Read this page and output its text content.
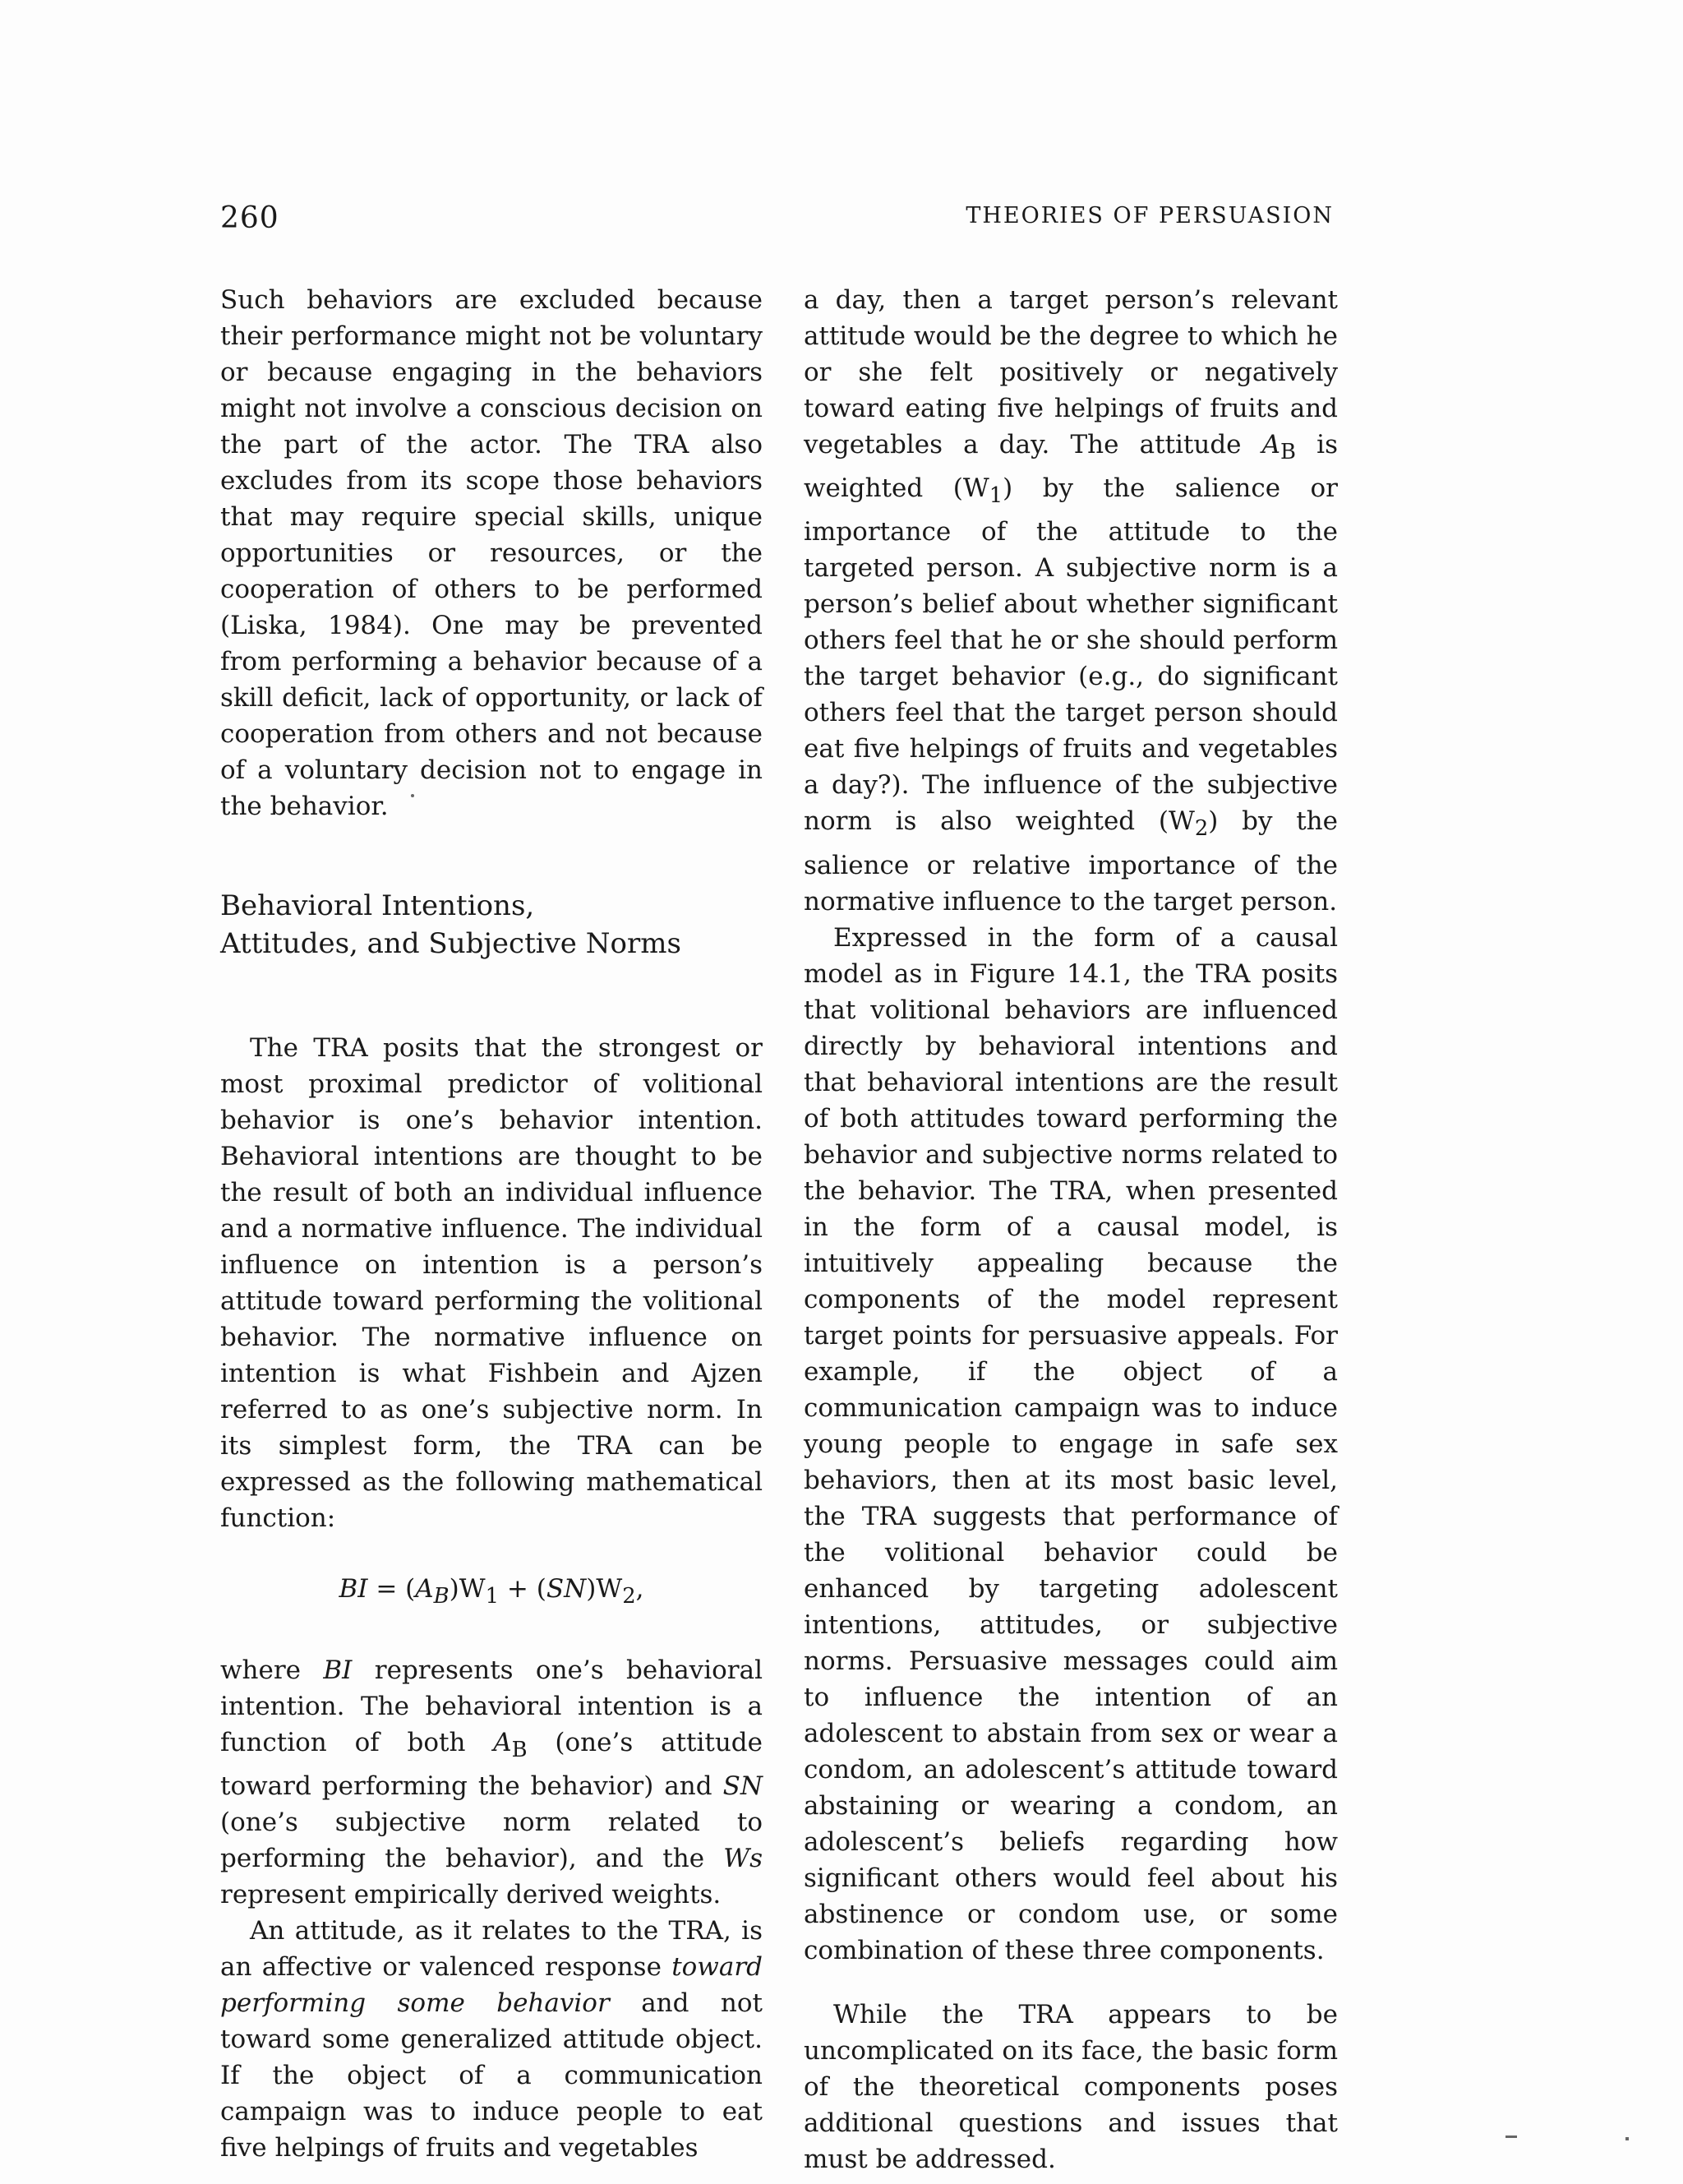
260	THEORIES OF PERSUASION

Such behaviors are excluded because their performance might not be voluntary or because engaging in the behaviors might not involve a conscious decision on the part of the actor. The TRA also excludes from its scope those behaviors that may require special skills, unique opportunities or resources, or the cooperation of others to be performed (Liska, 1984). One may be prevented from performing a behavior because of a skill deficit, lack of opportunity, or lack of cooperation from others and not because of a voluntary decision not to engage in the behavior.

Behavioral Intentions,
Attitudes, and Subjective Norms

The TRA posits that the strongest or most proximal predictor of volitional behavior is one’s behavior intention. Behavioral intentions are thought to be the result of both an individual influence and a normative influence. The individual influence on intention is a person’s attitude toward performing the volitional behavior. The normative influence on intention is what Fishbein and Ajzen referred to as one’s subjective norm. In its simplest form, the TRA can be expressed as the following mathematical function:

BI = $(A_B)W_1 + (SN)W_2$,

where BI represents one’s behavioral intention. The behavioral intention is a function of both $A_B$ (one’s attitude toward performing the behavior) and SN (one’s subjective norm related to performing the behavior), and the Ws represent empirically derived weights.

An attitude, as it relates to the TRA, is an affective or valenced response toward performing some behavior and not toward some generalized attitude object. If the object of a communication campaign was to induce people to eat five helpings of fruits and vegetables

a day, then a target person’s relevant attitude would be the degree to which he or she felt positively or negatively toward eating five helpings of fruits and vegetables a day. The attitude $A_B$ is weighted $(W_1)$ by the salience or importance of the attitude to the targeted person. A subjective norm is a person’s belief about whether significant others feel that he or she should perform the target behavior (e.g., do significant others feel that the target person should eat five helpings of fruits and vegetables a day?). The influence of the subjective norm is also weighted $(W_2)$ by the salience or relative importance of the normative influence to the target person.

Expressed in the form of a causal model as in Figure 14.1, the TRA posits that volitional behaviors are influenced directly by behavioral intentions and that behavioral intentions are the result of both attitudes toward performing the behavior and subjective norms related to the behavior. The TRA, when presented in the form of a causal model, is intuitively appealing because the components of the model represent target points for persuasive appeals. For example, if the object of a communication campaign was to induce young people to engage in safe sex behaviors, then at its most basic level, the TRA suggests that performance of the volitional behavior could be enhanced by targeting adolescent intentions, attitudes, or subjective norms. Persuasive messages could aim to influence the intention of an adolescent to abstain from sex or wear a condom, an adolescent’s attitude toward abstaining or wearing a condom, an adolescent’s beliefs regarding how significant others would feel about his abstinence or condom use, or some combination of these three components.

While the TRA appears to be uncomplicated on its face, the basic form of the theoretical components poses additional questions and issues that must be addressed.
